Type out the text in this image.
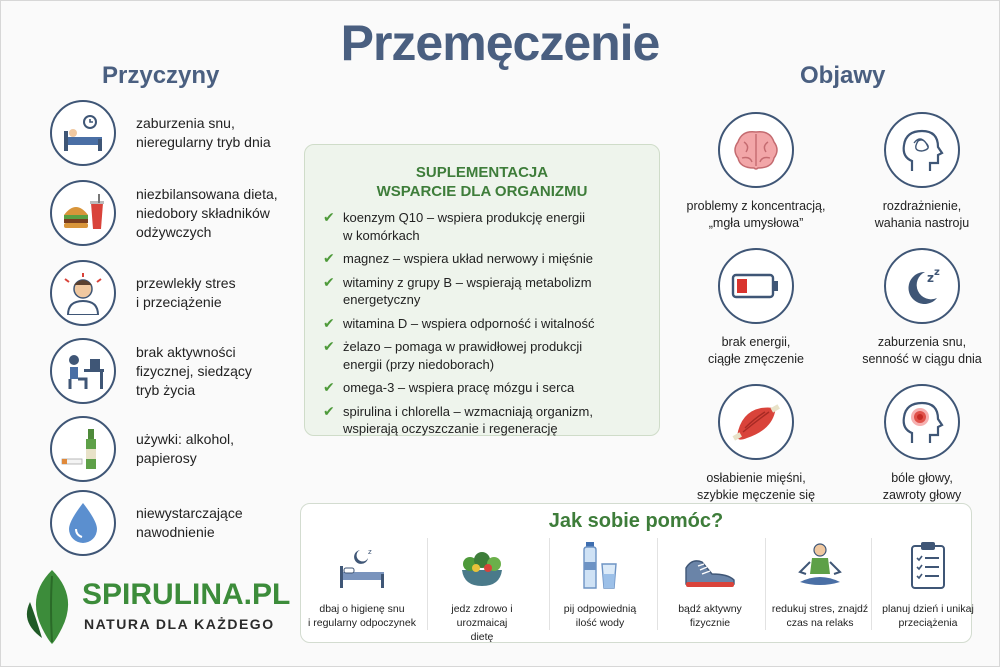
Przemęczenie
Przyczyny	Objawy
zaburzenia snu,
nieregularny tryb dnia
niezbilansowana dieta,
niedobory składników
odżywczych
przewlekły stres
i przeciążenie
brak aktywności
fizycznej, siedzący
tryb życia
używki: alkohol,
papierosy
niewystarczające
nawodnienie
SUPLEMENTACJA
WSPARCIE DLA ORGANIZMU
✔ koenzym Q10 – wspiera produkcję energii
w komórkach
✔ magnez – wspiera układ nerwowy i mięśnie
✔ witaminy z grupy B – wspierają metabolizm
energetyczny
✔ witamina D – wspiera odporność i witalność
✔ żelazo – pomaga w prawidłowej produkcji
energii (przy niedoborach)
✔ omega-3 – wspiera pracę mózgu i serca
✔ spirulina i chlorella – wzmacniają organizm,
wspierają oczyszczanie i regenerację
problemy z koncentracją,
„mgła umysłowa”
rozdrażnienie,
wahania nastroju
brak energii,
ciągłe zmęczenie
z z
zaburzenia snu,
senność w ciągu dnia
osłabienie mięśni,
szybkie męczenie się
bóle głowy,
zawroty głowy
Jak sobie pomóc?
z
dbaj o higienę snu
i regularny odpoczynek
jedz zdrowo i urozmaicaj
dietę
pij odpowiednią
ilość wody
bądź aktywny
fizycznie
redukuj stres, znajdź
czas na relaks
planuj dzień i unikaj
przeciążenia
SPIRULINA.PL
NATURA DLA KAŻDEGO
